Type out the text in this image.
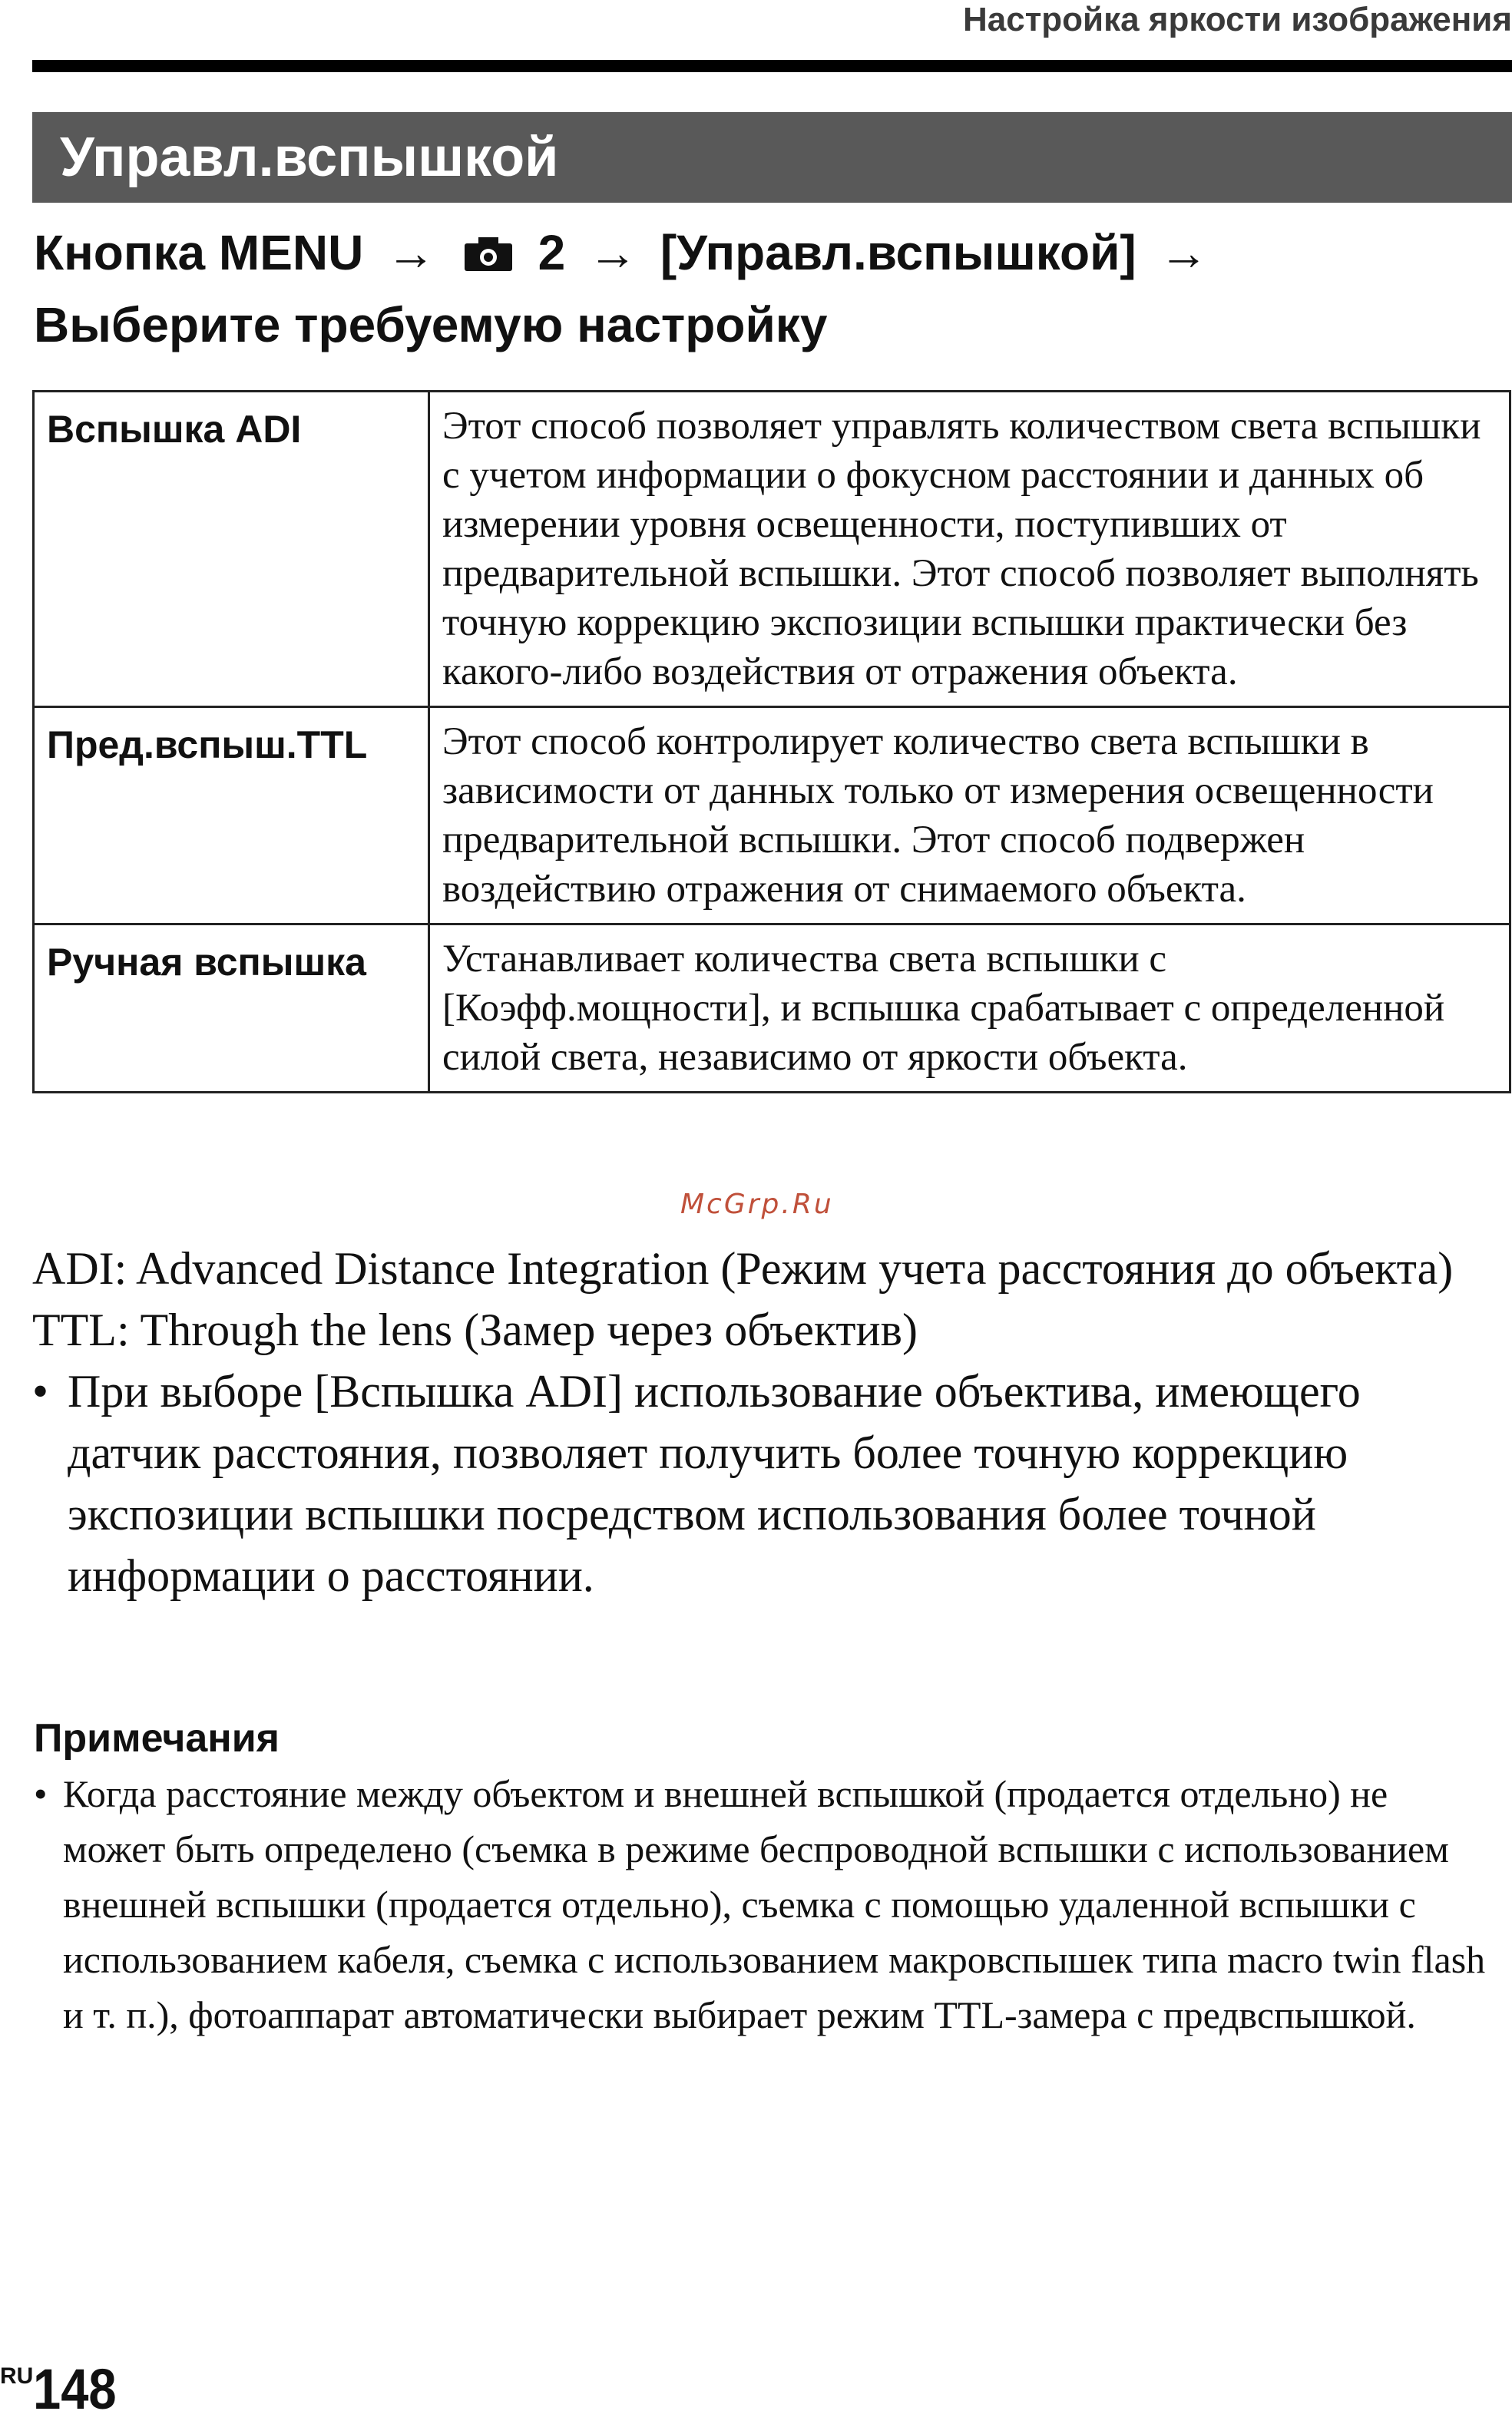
Настройка яркости изображения
Управл.вспышкой
Кнопка MENU → 2 → [Управл.вспышкой] →
Выберите требуемую настройку
Вспышка ADI	Этот способ позволяет управлять количеством света вспышки с учетом информации о фокусном расстоянии и данных об измерении уровня освещенности, поступивших от предварительной вспышки. Этот способ позволяет выполнять точную коррекцию экспозиции вспышки практически без какого-либо воздействия от отражения объекта.
Пред.вспыш.TTL	Этот способ контролирует количество света вспышки в зависимости от данных только от измерения освещенности предварительной вспышки. Этот способ подвержен воздействию отражения от снимаемого объекта.
Ручная вспышка	Устанавливает количества света вспышки с [Коэфф.мощности], и вспышка срабатывает с определенной силой света, независимо от яркости объекта.
McGrp.Ru

ADI: Advanced Distance Integration (Режим учета расстояния до объекта)

TTL: Through the lens (Замер через объектив)

• При выборе [Вспышка ADI] использование объектива, имеющего датчик расстояния, позволяет получить более точную коррекцию экспозиции вспышки посредством использования более точной информации о расстоянии.

Примечания

• Когда расстояние между объектом и внешней вспышкой (продается отдельно) не может быть определено (съемка в режиме беспроводной вспышки с использованием внешней вспышки (продается отдельно), съемка с помощью удаленной вспышки с использованием кабеля, съемка с использованием макровспышек типа macro twin flash и т. п.), фотоаппарат автоматически выбирает режим TTL-замера с предвспышкой.

RU148
